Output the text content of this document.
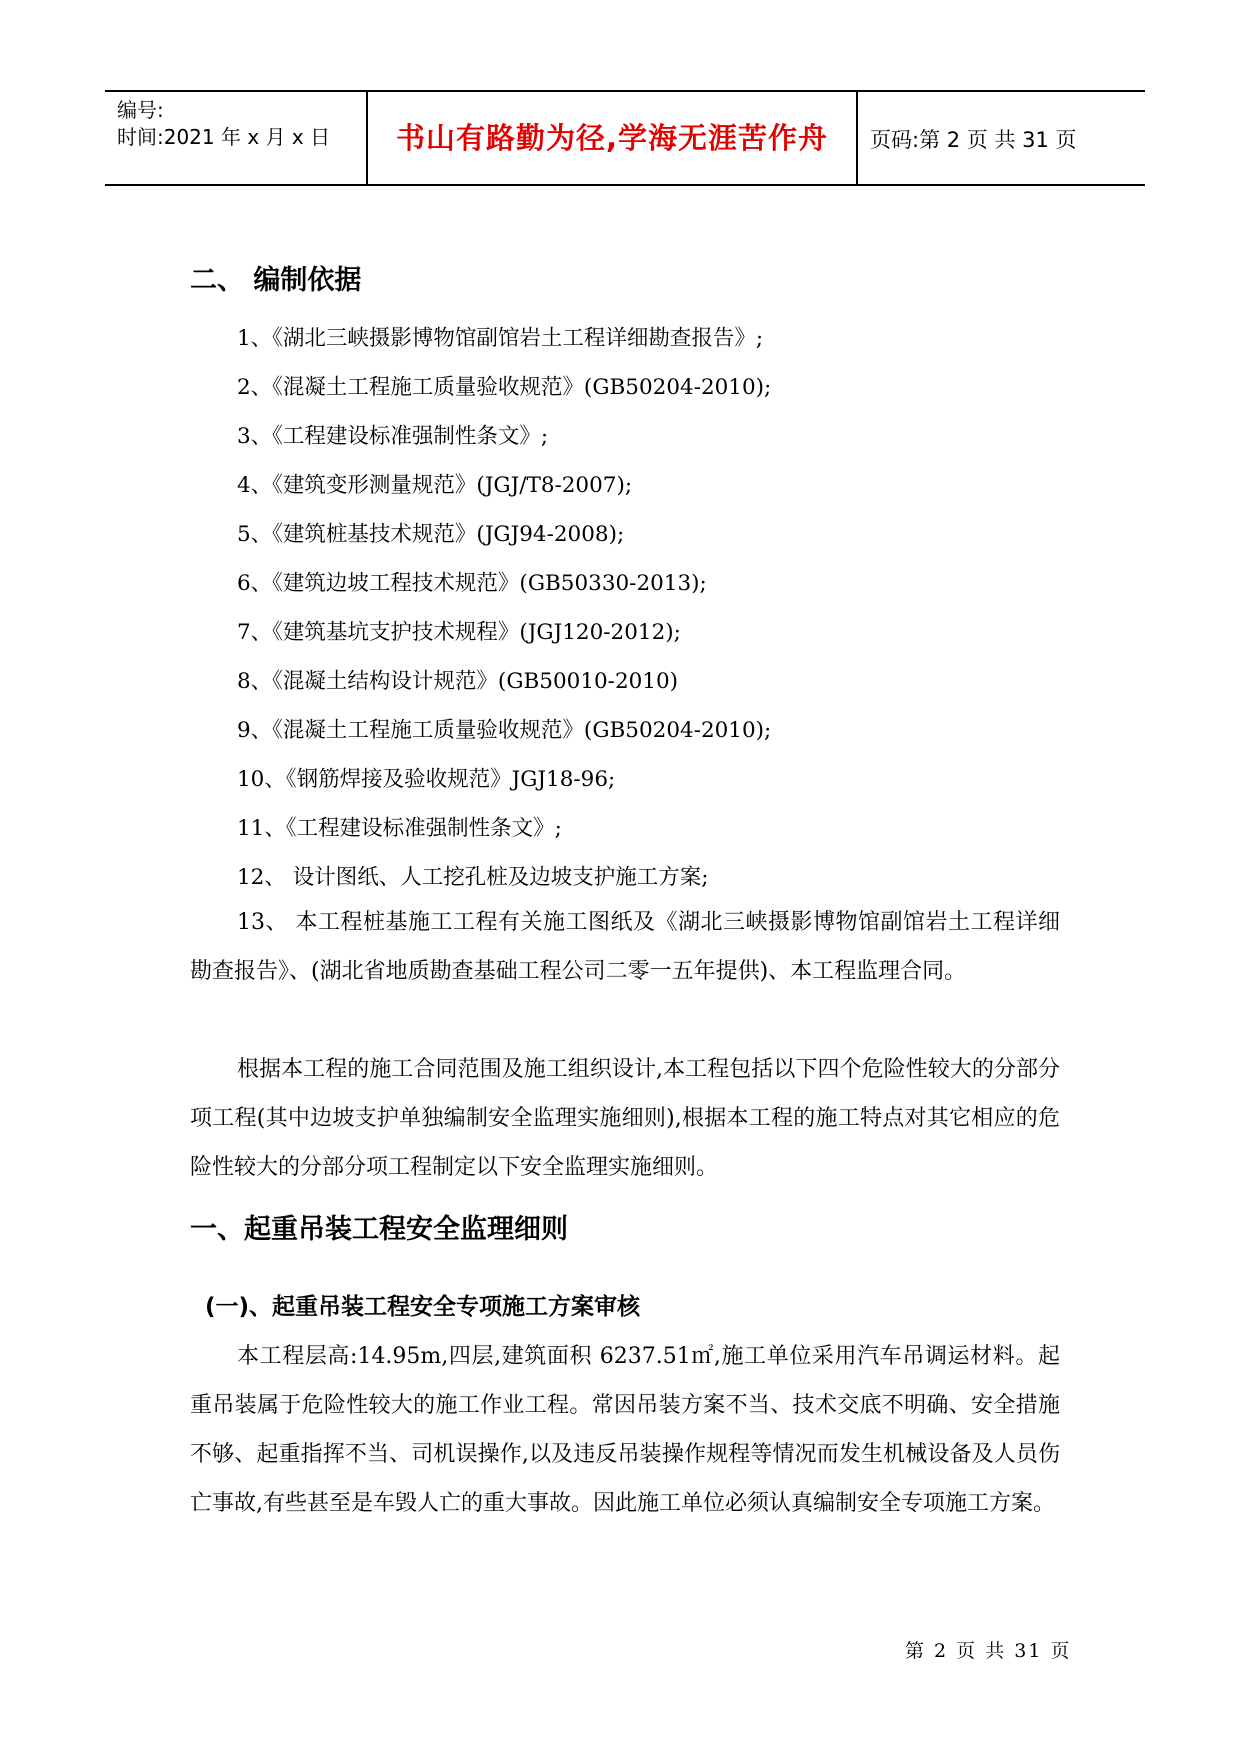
编号:
时间:2021 年 x 月 x 日	书山有路勤为径,学海无涯苦作舟	页码:第 2 页 共 31 页
二、 编制依据
1、《湖北三峡摄影博物馆副馆岩土工程详细勘查报告》;
2、《混凝土工程施工质量验收规范》(GB50204-2010);
3、《工程建设标准强制性条文》;
4、《建筑变形测量规范》(JGJ/T8-2007);
5、《建筑桩基技术规范》(JGJ94-2008);
6、《建筑边坡工程技术规范》(GB50330-2013);
7、《建筑基坑支护技术规程》(JGJ120-2012);
8、《混凝土结构设计规范》(GB50010-2010)
9、《混凝土工程施工质量验收规范》(GB50204-2010);
10、《钢筋焊接及验收规范》JGJ18-96;
11、《工程建设标准强制性条文》;
12、 设计图纸、人工挖孔桩及边坡支护施工方案;

13、 本工程桩基施工工程有关施工图纸及《湖北三峡摄影博物馆副馆岩土工程详细勘查报告》、(湖北省地质勘查基础工程公司二零一五年提供)、本工程监理合同。

根据本工程的施工合同范围及施工组织设计,本工程包括以下四个危险性较大的分部分项工程(其中边坡支护单独编制安全监理实施细则),根据本工程的施工特点对其它相应的危险性较大的分部分项工程制定以下安全监理实施细则。

一、起重吊装工程安全监理细则
(一)、起重吊装工程安全专项施工方案审核

本工程层高:14.95m,四层,建筑面积 6237.51㎡,施工单位采用汽车吊调运材料。起重吊装属于危险性较大的施工作业工程。常因吊装方案不当、技术交底不明确、安全措施不够、起重指挥不当、司机误操作,以及违反吊装操作规程等情况而发生机械设备及人员伤亡事故,有些甚至是车毁人亡的重大事故。因此施工单位必须认真编制安全专项施工方案。

第 2 页 共 31 页
